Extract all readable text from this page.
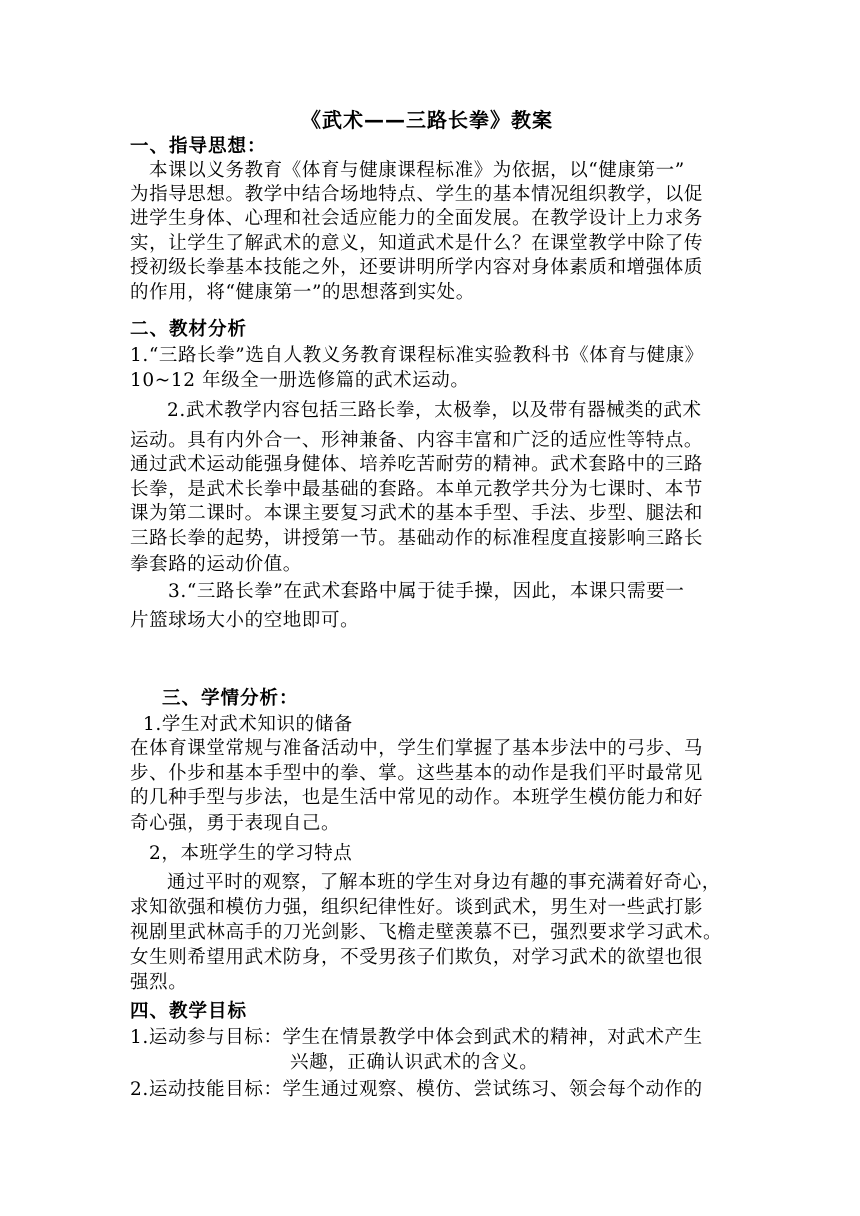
《武术——三路长拳》教案
一、指导思想：
本课以义务教育《体育与健康课程标准》为依据，以“健康第一”
为指导思想。教学中结合场地特点、学生的基本情况组织教学，以促
进学生身体、心理和社会适应能力的全面发展。在教学设计上力求务
实，让学生了解武术的意义，知道武术是什么？在课堂教学中除了传
授初级长拳基本技能之外，还要讲明所学内容对身体素质和增强体质
的作用，将“健康第一”的思想落到实处。
二、教材分析
1.“三路长拳”选自人教义务教育课程标准实验教科书《体育与健康》
10~12 年级全一册选修篇的武术运动。
2.武术教学内容包括三路长拳，太极拳，以及带有器械类的武术
运动。具有内外合一、形神兼备、内容丰富和广泛的适应性等特点。
通过武术运动能强身健体、培养吃苦耐劳的精神。武术套路中的三路
长拳，是武术长拳中最基础的套路。本单元教学共分为七课时、本节
课为第二课时。本课主要复习武术的基本手型、手法、步型、腿法和
三路长拳的起势，讲授第一节。基础动作的标准程度直接影响三路长
拳套路的运动价值。
3.“三路长拳”在武术套路中属于徒手操，因此，本课只需要一
片篮球场大小的空地即可。
三、学情分析：
1.学生对武术知识的储备
在体育课堂常规与准备活动中，学生们掌握了基本步法中的弓步、马
步、仆步和基本手型中的拳、掌。这些基本的动作是我们平时最常见
的几种手型与步法，也是生活中常见的动作。本班学生模仿能力和好
奇心强，勇于表现自己。
2，本班学生的学习特点
通过平时的观察，了解本班的学生对身边有趣的事充满着好奇心，
求知欲强和模仿力强，组织纪律性好。谈到武术，男生对一些武打影
视剧里武林高手的刀光剑影、飞檐走壁羡慕不已，强烈要求学习武术。
女生则希望用武术防身，不受男孩子们欺负，对学习武术的欲望也很
强烈。
四、教学目标
1.运动参与目标：学生在情景教学中体会到武术的精神，对武术产生
兴趣，正确认识武术的含义。
2.运动技能目标：学生通过观察、模仿、尝试练习、领会每个动作的
